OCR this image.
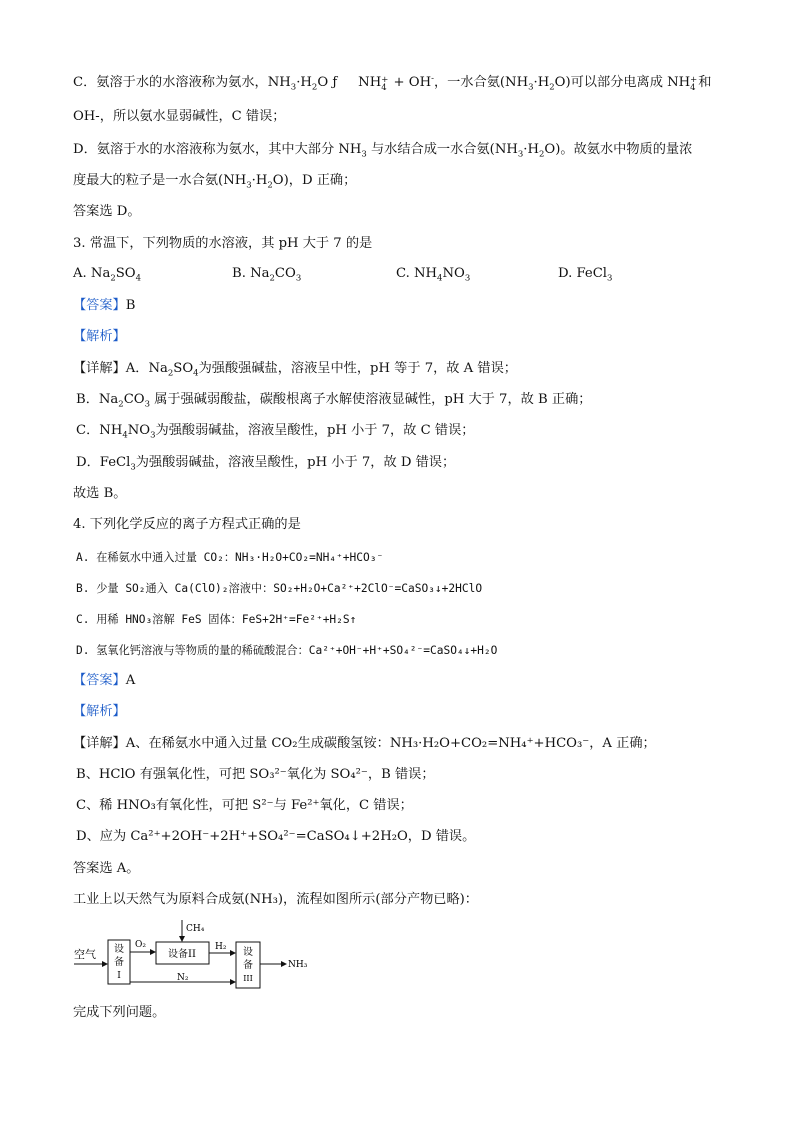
C．氨溶于水的水溶液称为氨水，$NH_3\cdot H_2O$ ƒ NH +
4 + OH-，一水合氨$(NH_3\cdot H_2O)$可以部分电离成 NH +
4 和
OH-，所以氨水显弱碱性，C 错误；
D．氨溶于水的水溶液称为氨水，其中大部分 $NH_3$ 与水结合成一水合氨$(NH_3\cdot H_2O)$。故氨水中物质的量浓
度最大的粒子是一水合氨$(NH_3\cdot H_2O)$，D 正确；
答案选 D。
3. 常温下，下列物质的水溶液，其 pH 大于 7 的是
A. $Na_2SO_4$	B. $Na_2CO_3$	C. $NH_4NO_3$	D. FeCl$_3$
【答案】B
【解析】
【详解】A．$Na_2SO_4$为强酸强碱盐，溶液呈中性，pH 等于 7，故 A 错误；
B．$Na_2CO_3$ 属于强碱弱酸盐，碳酸根离子水解使溶液显碱性，pH 大于 7，故 B 正确；
C．$NH_4NO_3$为强酸弱碱盐，溶液呈酸性，pH 小于 7，故 C 错误；
D．FeCl$_3$为强酸弱碱盐，溶液呈酸性，pH 小于 7，故 D 错误；
故选 B。
4. 下列化学反应的离子方程式正确的是
A. 在稀氨水中通入过量 CO₂：NH₃·H₂O+CO₂=NH₄⁺+HCO₃⁻
B. 少量 SO₂通入 Ca(ClO)₂溶液中：SO₂+H₂O+Ca²⁺+2ClO⁻=CaSO₃↓+2HClO
C. 用稀 HNO₃溶解 FeS 固体：FeS+2H⁺=Fe²⁺+H₂S↑
D. 氢氧化钙溶液与等物质的量的稀硫酸混合：Ca²⁺+OH⁻+H⁺+SO₄²⁻=CaSO₄↓+H₂O
【答案】A
【解析】
【详解】A、在稀氨水中通入过量 CO₂生成碳酸氢铵：NH₃·H₂O+CO₂=NH₄⁺+HCO₃⁻，A 正确；
B、HClO 有强氧化性，可把 SO₃²⁻氧化为 SO₄²⁻，B 错误；
C、稀 HNO₃有氧化性，可把 S²⁻与 Fe²⁺氧化，C 错误；
D、应为 Ca²⁺+2OH⁻+2H⁺+SO₄²⁻=CaSO₄↓+2H₂O，D 错误。
答案选 A。
工业上以天然气为原料合成氨(NH₃)，流程如图所示(部分产物已略)：
空气 设
备
I
O₂
设备II
CH₄
H₂
N₂
设
备
III
NH₃
完成下列问题。
